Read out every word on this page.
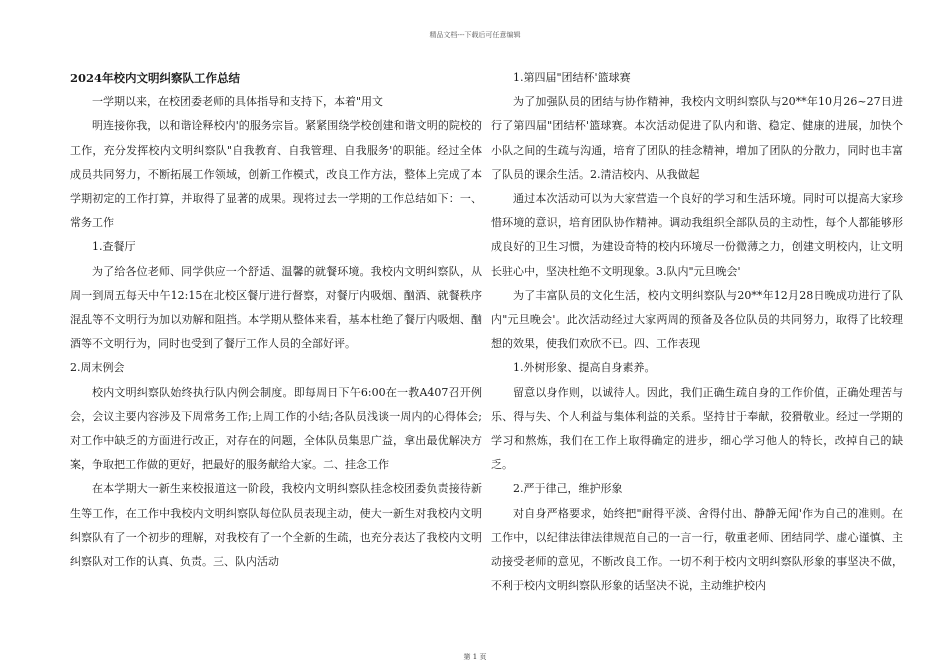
精品文档---下载后可任意编辑

2024年校内文明纠察队工作总结

一学期以来，在校团委老师的具体指导和支持下，本着"用文

明连接你我，以和谐诠释校内'的服务宗旨。紧紧围绕学校创建和谐文明的院校的工作，充分发挥校内文明纠察队"自我教育、自我管理、自我服务'的职能。经过全体成员共同努力，不断拓展工作领域，创新工作模式，改良工作方法，整体上完成了本学期初定的工作打算，并取得了显著的成果。现将过去一学期的工作总结如下：一、常务工作

1.查餐厅

为了给各位老师、同学供应一个舒适、温馨的就餐环境。我校内文明纠察队，从周一到周五每天中午12:15在北校区餐厅进行督察，对餐厅内吸烟、酗酒、就餐秩序混乱等不文明行为加以劝解和阻挡。本学期从整体来看，基本杜绝了餐厅内吸烟、酗酒等不文明行为，同时也受到了餐厅工作人员的全部好评。

2.周末例会

校内文明纠察队始终执行队内例会制度。即每周日下午6:00在一教A407召开例会，会议主要内容涉及下周常务工作;上周工作的小结;各队员浅谈一周内的心得体会;对工作中缺乏的方面进行改正，对存在的问题，全体队员集思广益，拿出最优解决方案，争取把工作做的更好，把最好的服务献给大家。二、挂念工作

在本学期大一新生来校报道这一阶段，我校内文明纠察队挂念校团委负责接待新生等工作，在工作中我校内文明纠察队每位队员表现主动，使大一新生对我校内文明纠察队有了一个初步的理解，对我校有了一个全新的生疏，也充分表达了我校内文明纠察队对工作的认真、负责。三、队内活动

1.第四届"团结杯'篮球赛

为了加强队员的团结与协作精神，我校内文明纠察队与20**年10月26~27日进行了第四届"团结杯'篮球赛。本次活动促进了队内和谐、稳定、健康的进展，加快个小队之间的生疏与沟通，培育了团队的挂念精神，增加了团队的分散力，同时也丰富了队员的课余生活。2.清洁校内、从我做起

通过本次活动可以为大家营造一个良好的学习和生活环境。同时可以提高大家珍惜环境的意识，培育团队协作精神。调动我组织全部队员的主动性，每个人都能够形成良好的卫生习惯，为建设奇特的校内环境尽一份微薄之力，创建文明校内，让文明长驻心中，坚决杜绝不文明现象。3.队内"元旦晚会'

为了丰富队员的文化生活，校内文明纠察队与20**年12月28日晚成功进行了队内"元旦晚会'。此次活动经过大家两周的预备及各位队员的共同努力，取得了比较理想的效果，使我们欢欣不已。四、工作表现

1.外树形象、提高自身素养。

留意以身作则，以诚待人。因此，我们正确生疏自身的工作价值，正确处理苦与乐、得与失、个人利益与集体利益的关系。坚持甘于奉献，狡猾敬业。经过一学期的学习和熬炼，我们在工作上取得确定的进步，细心学习他人的特长，改掉自己的缺乏。

2.严于律己，维护形象

对自身严格要求，始终把"耐得平淡、舍得付出、静静无闻'作为自己的准则。在工作中，以纪律法律法律规范自己的一言一行，敬重老师、团结同学、虚心谨慎、主动接受老师的意见，不断改良工作。一切不利于校内文明纠察队形象的事坚决不做，不利于校内文明纠察队形象的话坚决不说，主动维护校内

第 1 页
